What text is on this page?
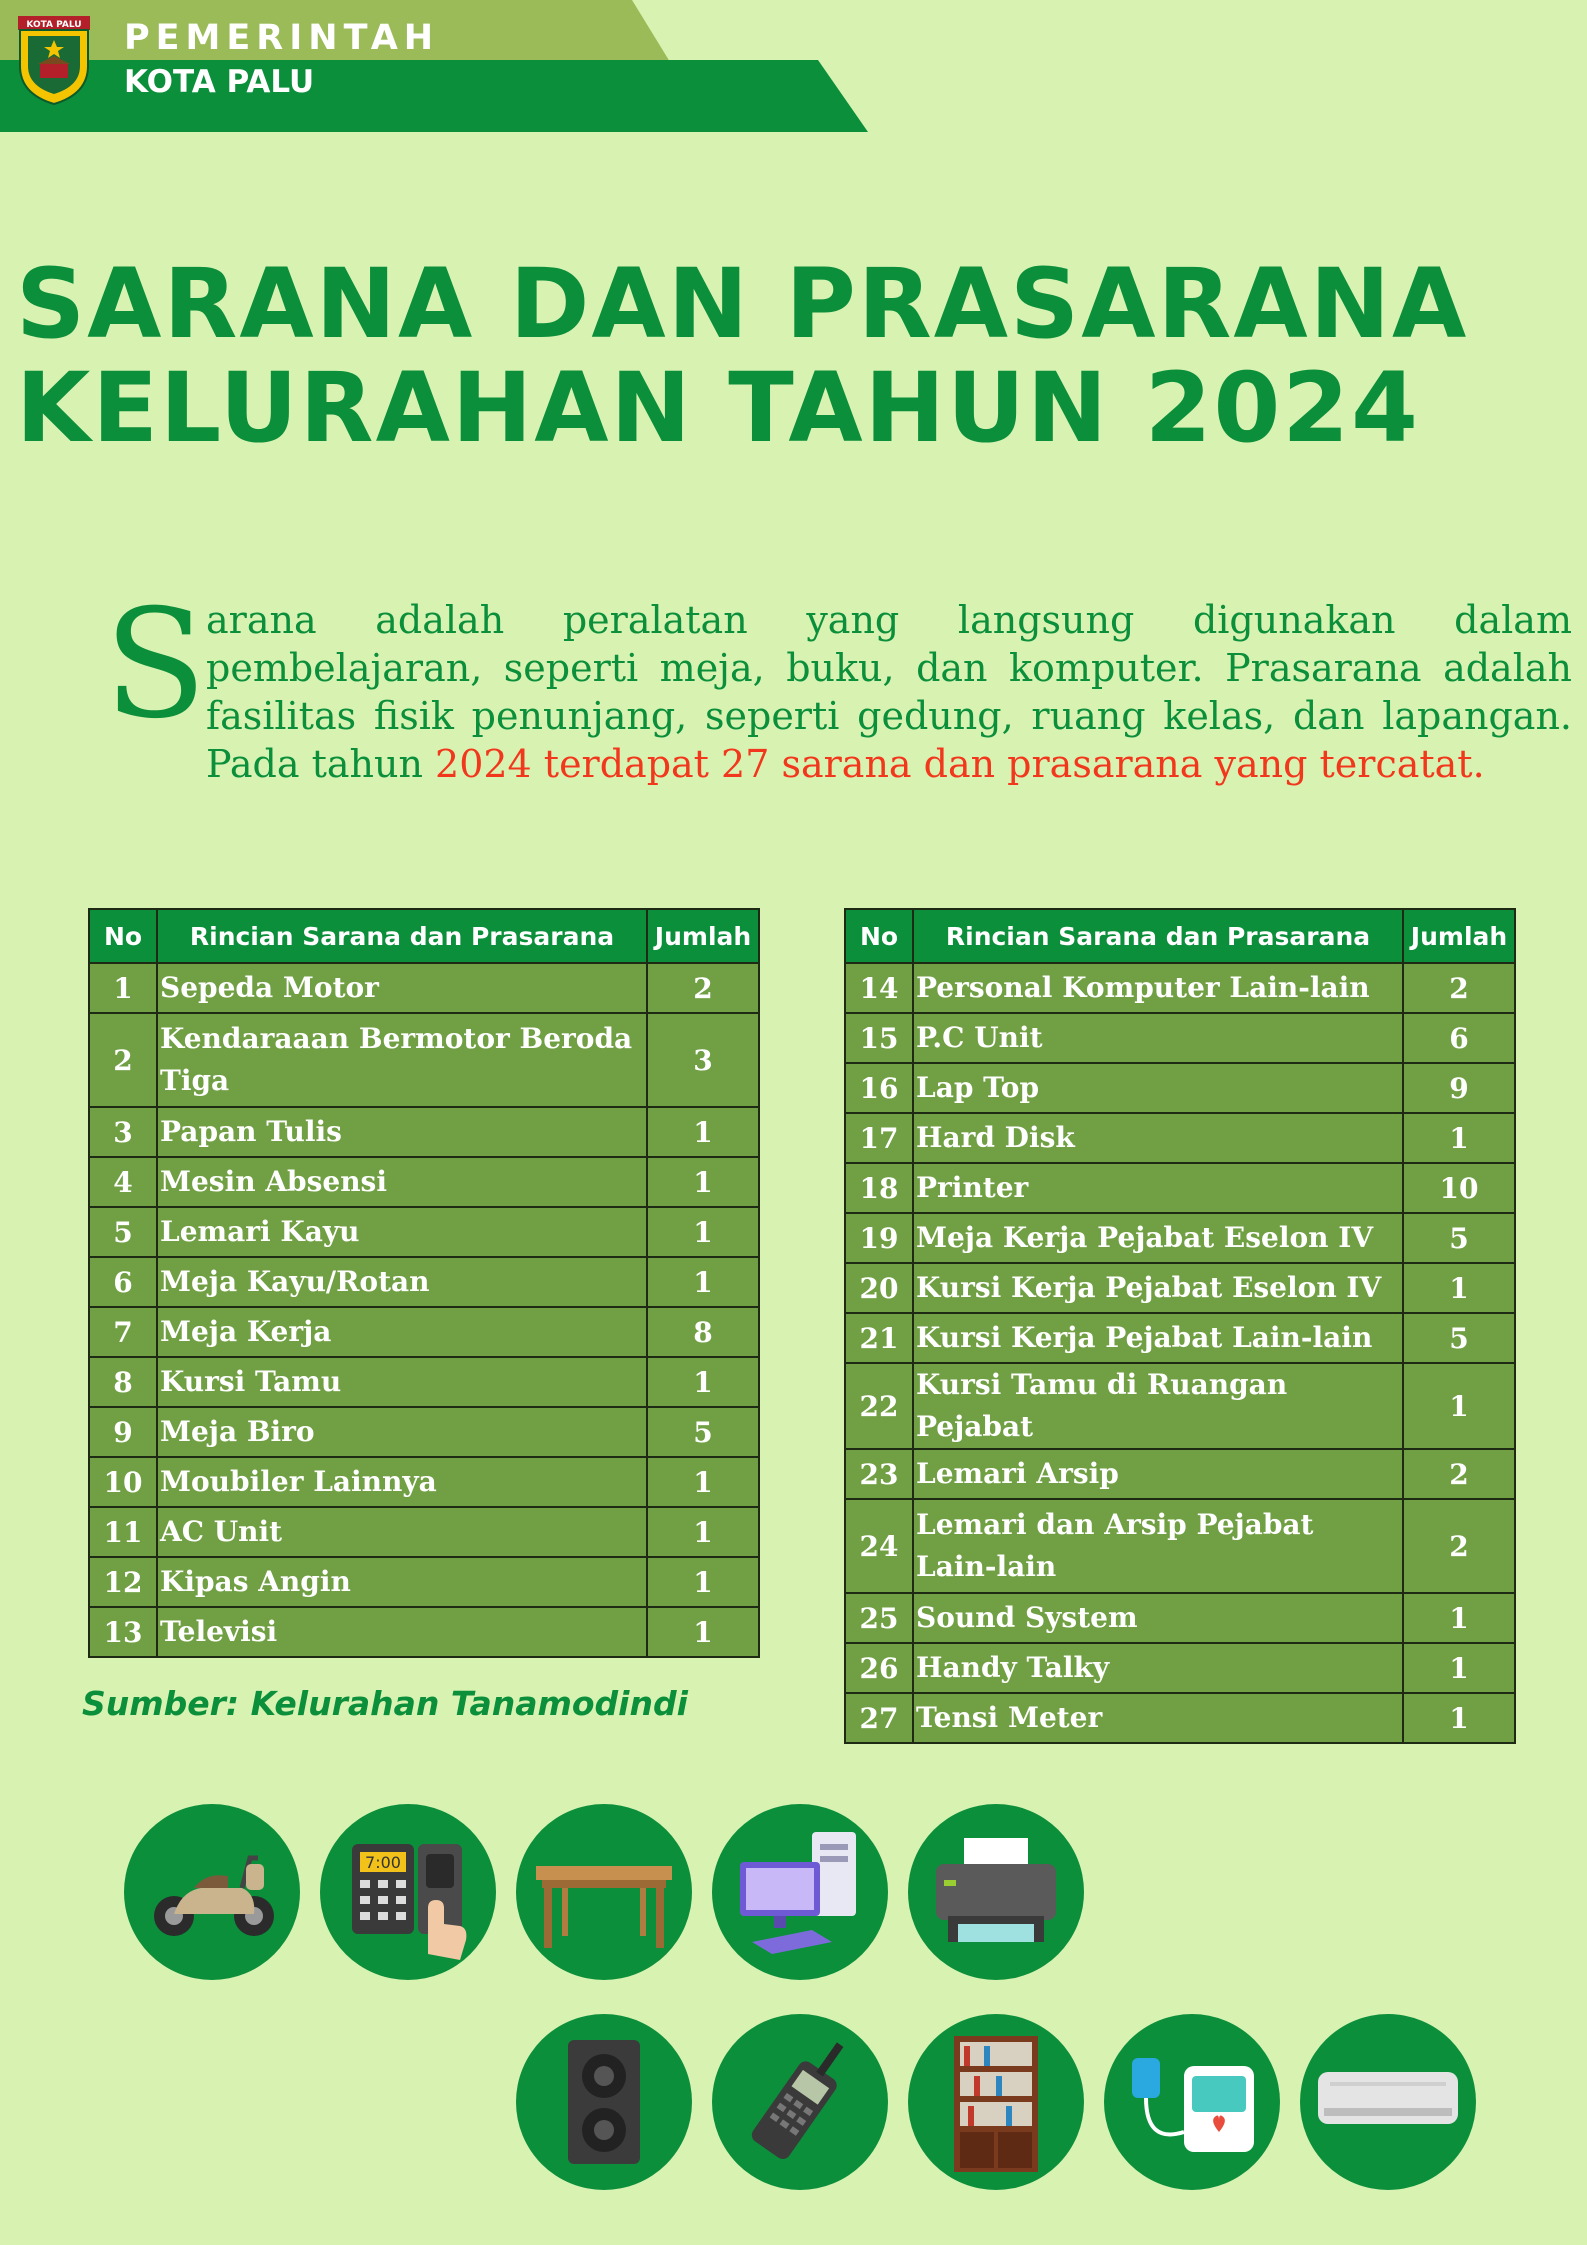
KOTA PALU PEMERINTAH
KOTA PALU
SARANA DAN PRASARANA
KELURAHAN TAHUN 2024
S arana adalah peralatan yang langsung digunakan dalam pembelajaran, seperti meja, buku, dan komputer. Prasarana adalah fasilitas fisik penunjang, seperti gedung, ruang kelas, dan lapangan. Pada tahun 2024 terdapat 27 sarana dan prasarana yang tercatat.

No	Rincian Sarana dan Prasarana	Jumlah
1	Sepeda Motor	2
2	Kendaraaan Bermotor Beroda Tiga	3
3	Papan Tulis	1
4	Mesin Absensi	1
5	Lemari Kayu	1
6	Meja Kayu/Rotan	1
7	Meja Kerja	8
8	Kursi Tamu	1
9	Meja Biro	5
10	Moubiler Lainnya	1
11	AC Unit	1
12	Kipas Angin	1
13	Televisi	1
Sumber: Kelurahan Tanamodindi
No	Rincian Sarana dan Prasarana	Jumlah
14	Personal Komputer Lain-lain	2
15	P.C Unit	6
16	Lap Top	9
17	Hard Disk	1
18	Printer	10
19	Meja Kerja Pejabat Eselon IV	5
20	Kursi Kerja Pejabat Eselon IV	1
21	Kursi Kerja Pejabat Lain-lain	5
22	Kursi Tamu di Ruangan Pejabat	1
23	Lemari Arsip	2
24	Lemari dan Arsip Pejabat Lain-lain	2
25	Sound System	1
26	Handy Talky	1
27	Tensi Meter	1
7:00
